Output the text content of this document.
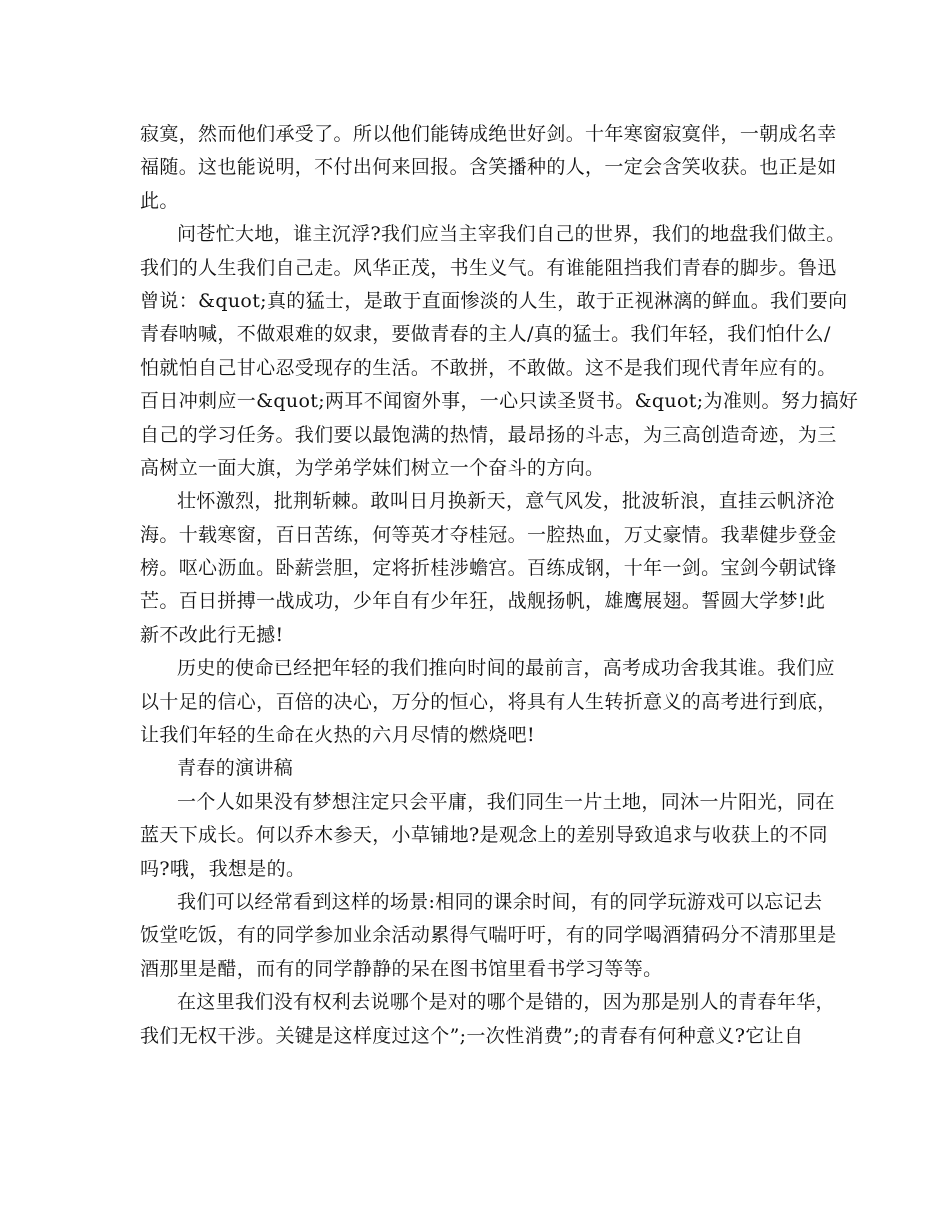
寂寞，然而他们承受了。所以他们能铸成绝世好剑。十年寒窗寂寞伴，一朝成名幸
福随。这也能说明，不付出何来回报。含笑播种的人，一定会含笑收获。也正是如
此。
问苍忙大地，谁主沉浮?我们应当主宰我们自己的世界，我们的地盘我们做主。
我们的人生我们自己走。风华正茂，书生义气。有谁能阻挡我们青春的脚步。鲁迅
曾说：&quot;真的猛士，是敢于直面惨淡的人生，敢于正视淋漓的鲜血。我们要向
青春呐喊，不做艰难的奴隶，要做青春的主人/真的猛士。我们年轻，我们怕什么/
怕就怕自己甘心忍受现存的生活。不敢拼，不敢做。这不是我们现代青年应有的。
百日冲刺应一&quot;两耳不闻窗外事，一心只读圣贤书。&quot;为准则。努力搞好
自己的学习任务。我们要以最饱满的热情，最昂扬的斗志，为三高创造奇迹，为三
高树立一面大旗，为学弟学妹们树立一个奋斗的方向。
壮怀激烈，批荆斩棘。敢叫日月换新天，意气风发，批波斩浪，直挂云帆济沧
海。十载寒窗，百日苦练，何等英才夺桂冠。一腔热血，万丈豪情。我辈健步登金
榜。呕心沥血。卧薪尝胆，定将折桂涉蟾宫。百练成钢，十年一剑。宝剑今朝试锋
芒。百日拼搏一战成功，少年自有少年狂，战舰扬帆，雄鹰展翅。誓圆大学梦!此
新不改此行无撼!
历史的使命已经把年轻的我们推向时间的最前言，高考成功舍我其谁。我们应
以十足的信心，百倍的决心，万分的恒心，将具有人生转折意义的高考进行到底，
让我们年轻的生命在火热的六月尽情的燃烧吧!
青春的演讲稿
一个人如果没有梦想注定只会平庸，我们同生一片土地，同沐一片阳光，同在
蓝天下成长。何以乔木参天，小草铺地?是观念上的差别导致追求与收获上的不同
吗?哦，我想是的。
我们可以经常看到这样的场景:相同的课余时间，有的同学玩游戏可以忘记去
饭堂吃饭，有的同学参加业余活动累得气喘吁吁，有的同学喝酒猜码分不清那里是
酒那里是醋，而有的同学静静的呆在图书馆里看书学习等等。
在这里我们没有权利去说哪个是对的哪个是错的，因为那是别人的青春年华，
我们无权干涉。关键是这样度过这个”;一次性消费”;的青春有何种意义?它让自
